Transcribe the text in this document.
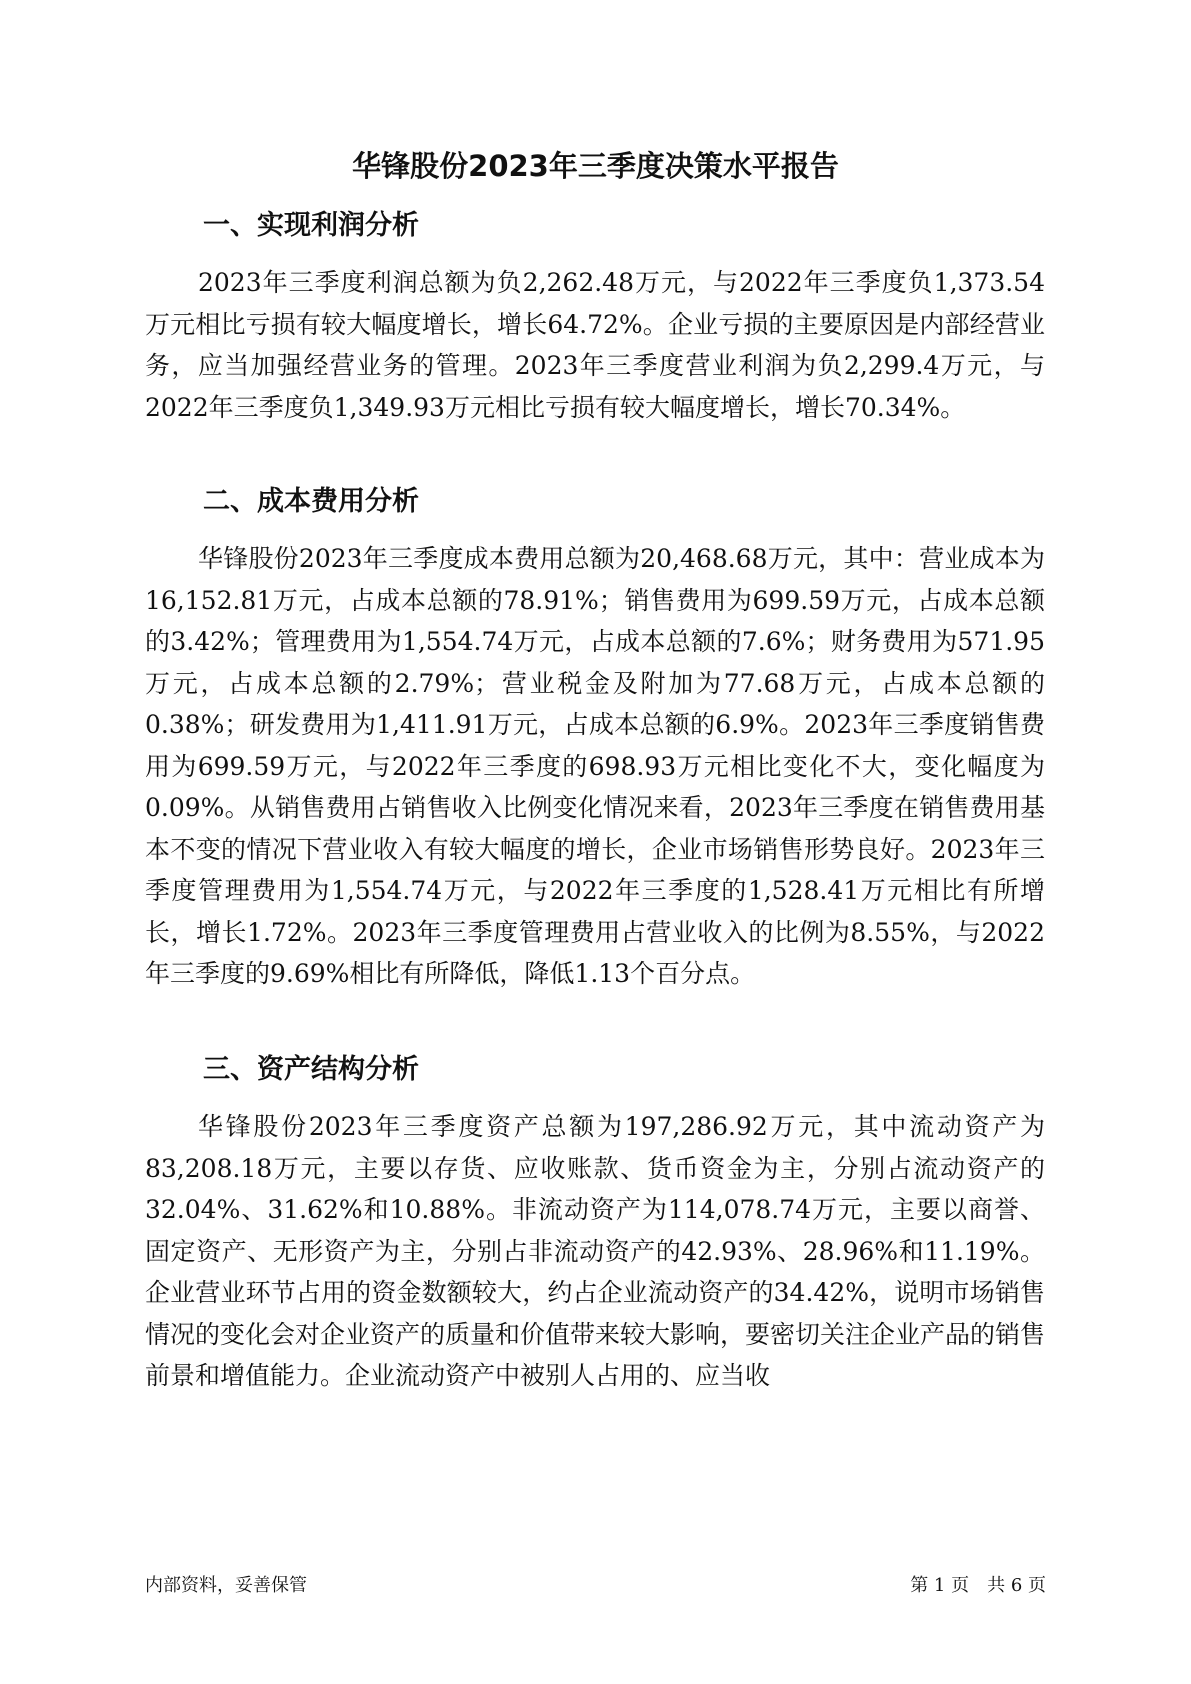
华锋股份2023年三季度决策水平报告
一、实现利润分析

2023年三季度利润总额为负2,262.48万元，与2022年三季度负1,373.54万元相比亏损有较大幅度增长，增长64.72%。企业亏损的主要原因是内部经营业务，应当加强经营业务的管理。2023年三季度营业利润为负2,299.4万元，与2022年三季度负1,349.93万元相比亏损有较大幅度增长，增长70.34%。

二、成本费用分析

华锋股份2023年三季度成本费用总额为20,468.68万元，其中：营业成本为16,152.81万元，占成本总额的78.91%；销售费用为699.59万元，占成本总额的3.42%；管理费用为1,554.74万元，占成本总额的7.6%；财务费用为571.95万元，占成本总额的2.79%；营业税金及附加为77.68万元，占成本总额的0.38%；研发费用为1,411.91万元，占成本总额的6.9%。2023年三季度销售费用为699.59万元，与2022年三季度的698.93万元相比变化不大，变化幅度为0.09%。从销售费用占销售收入比例变化情况来看，2023年三季度在销售费用基本不变的情况下营业收入有较大幅度的增长，企业市场销售形势良好。2023年三季度管理费用为1,554.74万元，与2022年三季度的1,528.41万元相比有所增长，增长1.72%。2023年三季度管理费用占营业收入的比例为8.55%，与2022年三季度的9.69%相比有所降低，降低1.13个百分点。

三、资产结构分析

华锋股份2023年三季度资产总额为197,286.92万元，其中流动资产为83,208.18万元，主要以存货、应收账款、货币资金为主，分别占流动资产的32.04%、31.62%和10.88%。非流动资产为114,078.74万元，主要以商誉、固定资产、无形资产为主，分别占非流动资产的42.93%、28.96%和11.19%。企业营业环节占用的资金数额较大，约占企业流动资产的34.42%，说明市场销售情况的变化会对企业资产的质量和价值带来较大影响，要密切关注企业产品的销售前景和增值能力。企业流动资产中被别人占用的、应当收

内部资料，妥善保管	第 1 页　共 6 页
